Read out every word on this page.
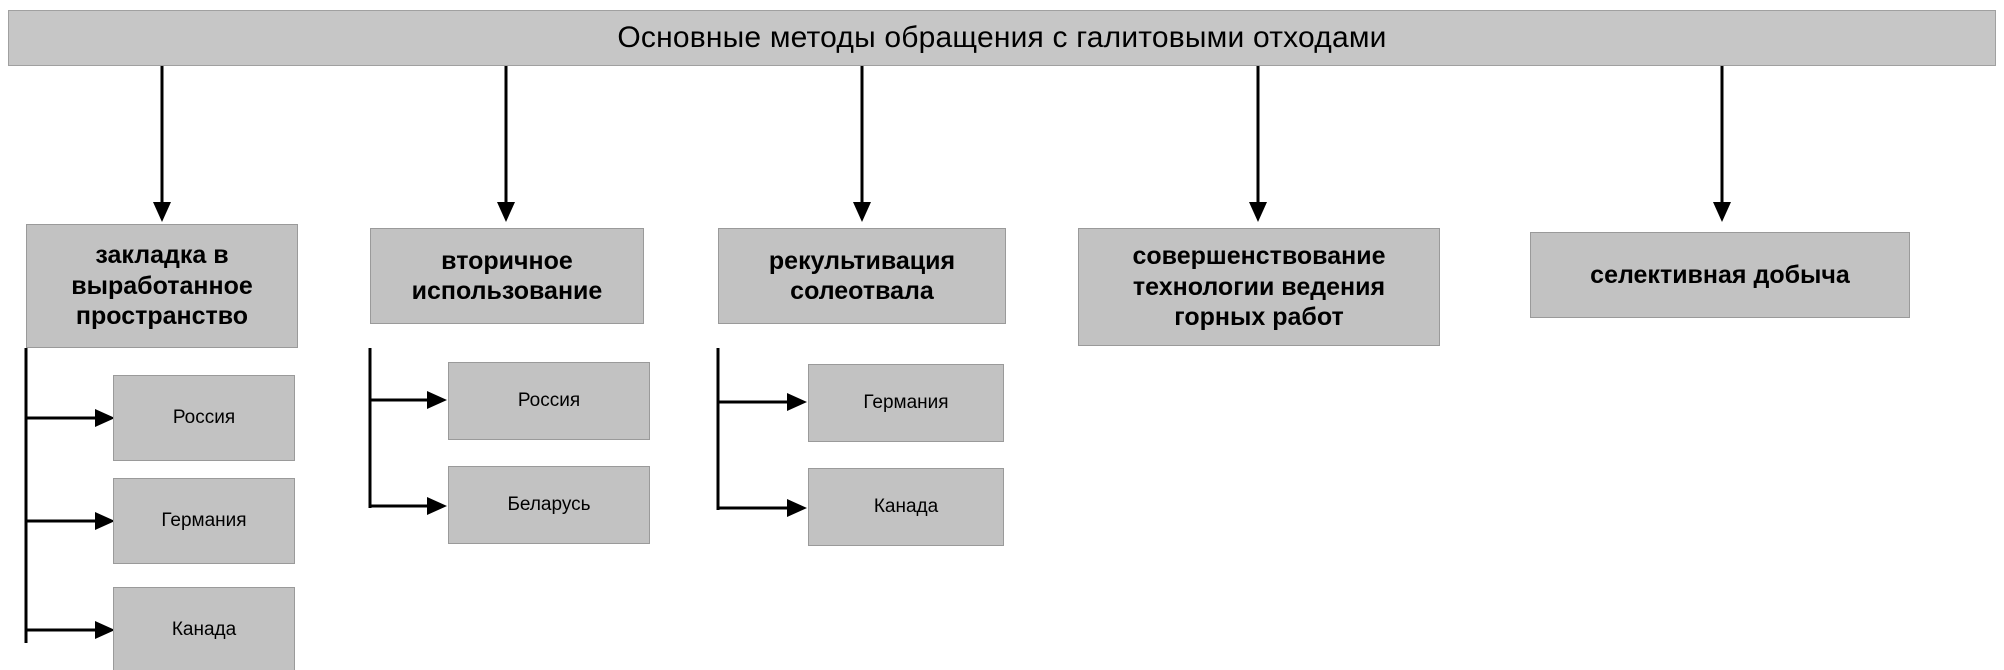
Основные методы обращения с галитовыми отходами
закладка в выработанное пространство
Россия
Германия
Канада
вторичное использование
Россия
Беларусь
рекультивация солеотвала
Германия
Канада
совершенствование технологии ведения горных работ
селективная добыча
